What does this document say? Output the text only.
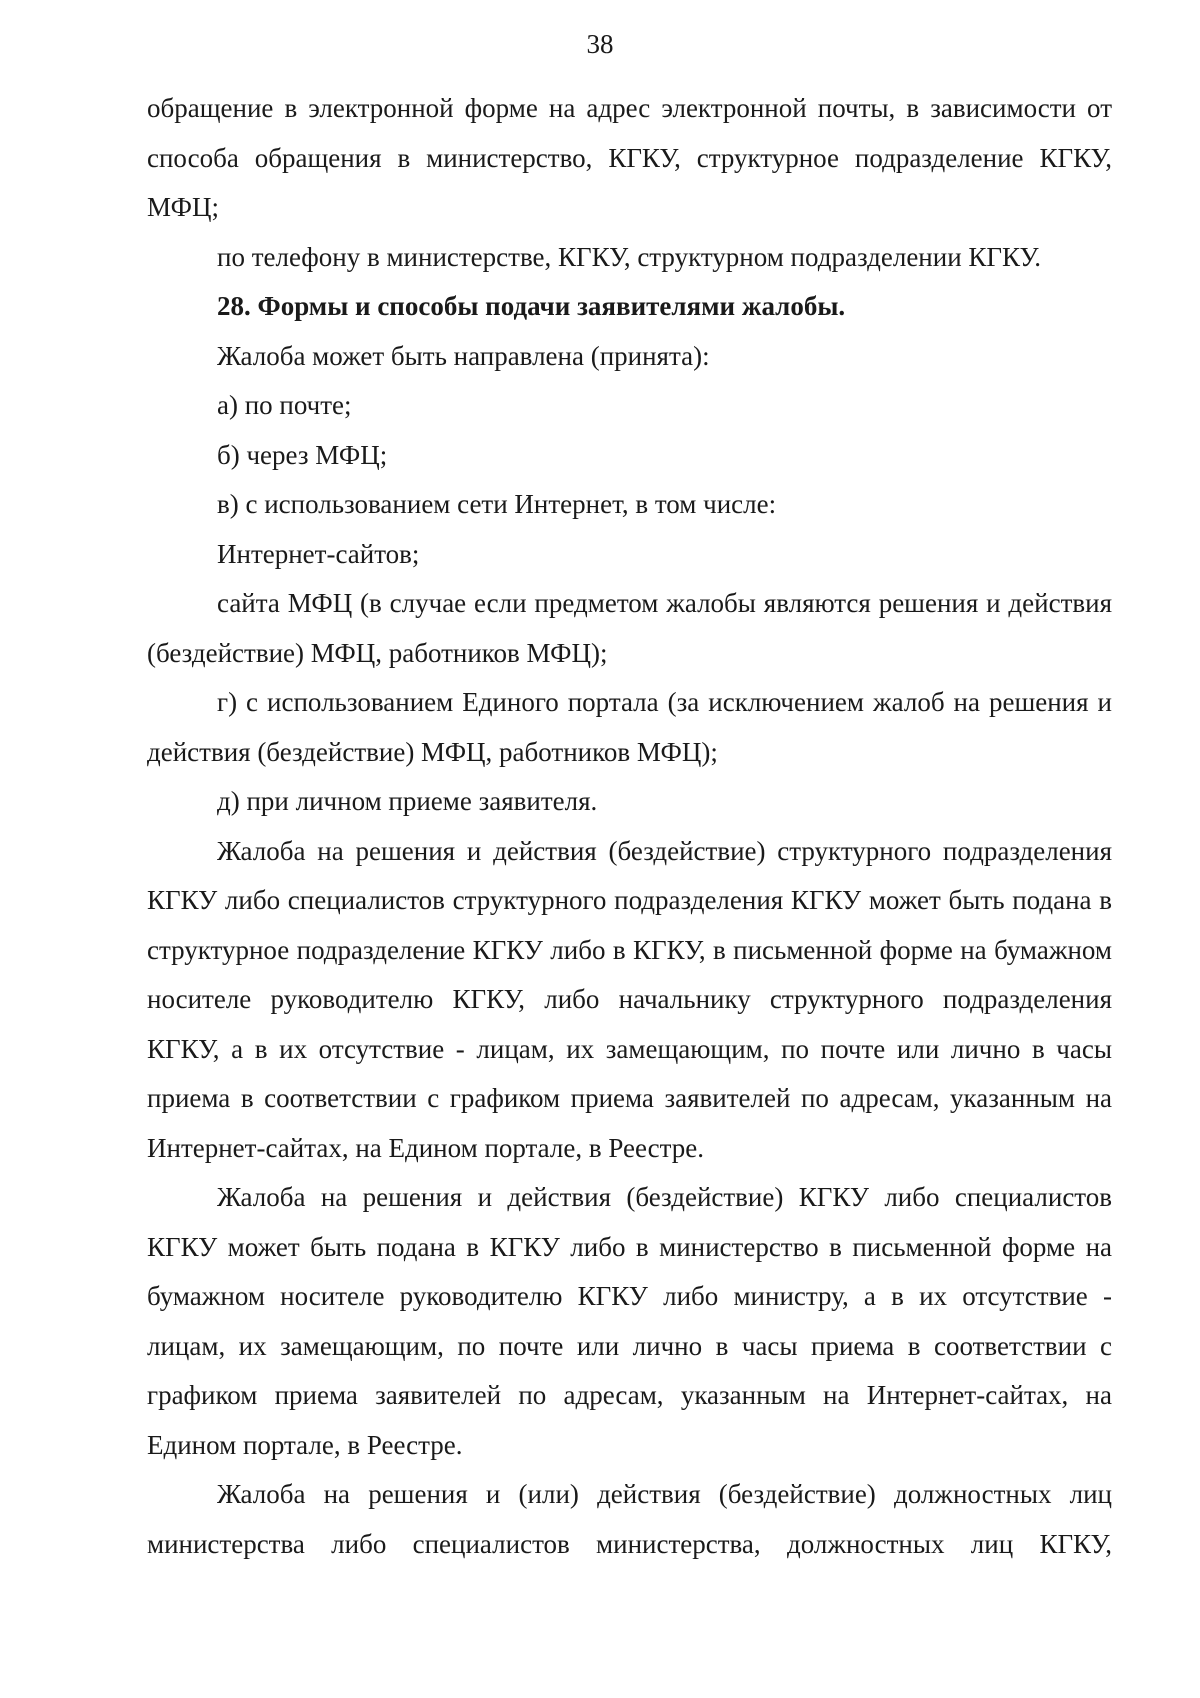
38

обращение в электронной форме на адрес электронной почты, в зависимости от способа обращения в министерство, КГКУ, структурное подразделение КГКУ, МФЦ;

по телефону в министерстве, КГКУ, структурном подразделении КГКУ.

28. Формы и способы подачи заявителями жалобы.

Жалоба может быть направлена (принята):

а) по почте;

б) через МФЦ;

в) с использованием сети Интернет, в том числе:

Интернет-сайтов;

сайта МФЦ (в случае если предметом жалобы являются решения и действия (бездействие) МФЦ, работников МФЦ);

г) с использованием Единого портала (за исключением жалоб на решения и действия (бездействие) МФЦ, работников МФЦ);

д) при личном приеме заявителя.

Жалоба на решения и действия (бездействие) структурного подразделения КГКУ либо специалистов структурного подразделения КГКУ может быть подана в структурное подразделение КГКУ либо в КГКУ, в письменной форме на бумажном носителе руководителю КГКУ, либо начальнику структурного подразделения КГКУ, а в их отсутствие - лицам, их замещающим, по почте или лично в часы приема в соответствии с графиком приема заявителей по адресам, указанным на Интернет-сайтах, на Едином портале, в Реестре.

Жалоба на решения и действия (бездействие) КГКУ либо специалистов КГКУ может быть подана в КГКУ либо в министерство в письменной форме на бумажном носителе руководителю КГКУ либо министру, а в их отсутствие - лицам, их замещающим, по почте или лично в часы приема в соответствии с графиком приема заявителей по адресам, указанным на Интернет-сайтах, на Едином портале, в Реестре.

Жалоба на решения и (или) действия (бездействие) должностных лиц министерства либо специалистов министерства, должностных лиц КГКУ,
